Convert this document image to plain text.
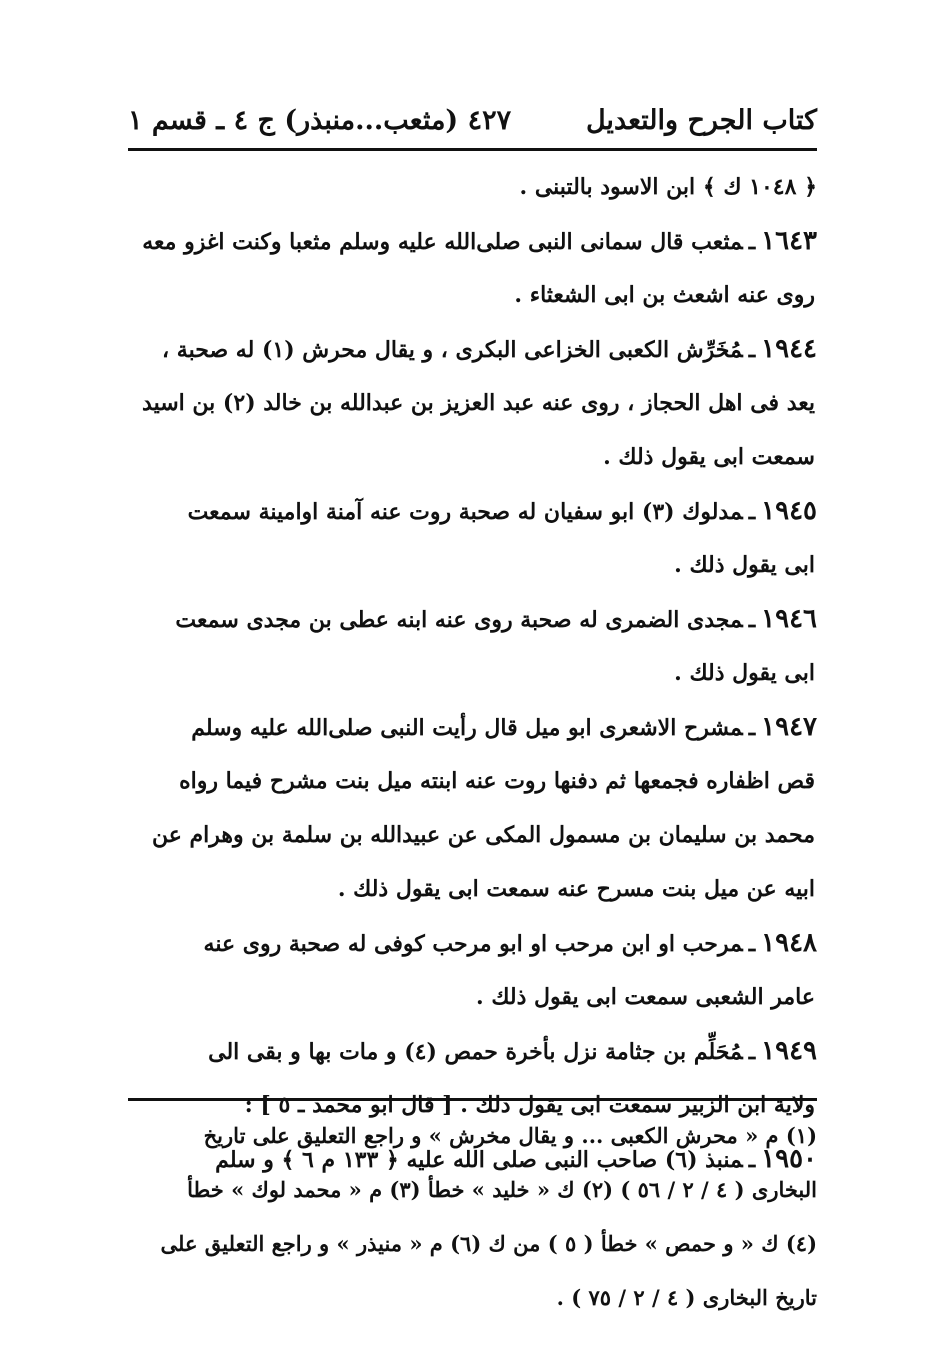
كتاب الجرح والتعديل
٤٢٧ (مثعب...منبذر) ج ٤ ـ قسم ١
﴿ ١٠٤٨ ك ﴾ ابن الاسود بالتبنى .
١٦٤٣ـمثعب قال سمانى النبى صلى‌الله عليه وسلم مثعبا وكنت اغزو معه
روى عنه اشعث بن ابى الشعثاء .
١٩٤٤ـمُخَرِّش الكعبى الخزاعى البكرى ، و يقال محرش (١) له صحبة ،
يعد فى اهل الحجاز ، روى عنه عبد العزيز بن عبدالله بن خالد (٢) بن اسيد
سمعت ابى يقول ذلك .
١٩٤٥ـمدلوك (٣) ابو سفيان له صحبة روت عنه آمنة اوامينة سمعت
ابى يقول ذلك .
١٩٤٦ـمجدى الضمرى له صحبة روى عنه ابنه عطى بن مجدى سمعت
ابى يقول ذلك .
١٩٤٧ـمشرح الاشعرى ابو ميل قال رأيت النبى صلى‌الله عليه وسلم
قص اظفاره فجمعها ثم دفنها روت عنه ابنته ميل بنت مشرح فيما رواه
محمد بن سليمان بن مسمول المكى عن عبيدالله بن سلمة بن وهرام عن
ابيه عن ميل بنت مسرح عنه سمعت ابى يقول ذلك .
١٩٤٨ـمرحب او ابن مرحب او ابو مرحب كوفى له صحبة روى عنه
عامر الشعبى سمعت ابى يقول ذلك .
١٩٤٩ـمُحَلِّم بن جثامة نزل بأخرة حمص (٤) و مات بها و بقى الى
ولاية ابن الزبير سمعت ابى يقول ذلك . [ قال ابو محمد ـ ٥ ] :
١٩٥٠ـمنبذ (٦) صاحب النبى صلى الله عليه ﴿ ١٣٣ م ٦ ﴾ و سلم
(١) م « محرش الكعبى ... و يقال مخرش » و راجع التعليق على تاريخ
البخارى ( ٤ / ٢ / ٥٦ ) (٢) ك « خليد » خطأ (٣) م « محمد لوك » خطأ
(٤) ك « و حمص » خطأ ( ٥ ) من ك (٦) م « منيذر » و راجع التعليق على
تاريخ البخارى ( ٤ / ٢ / ٧٥ ) .
